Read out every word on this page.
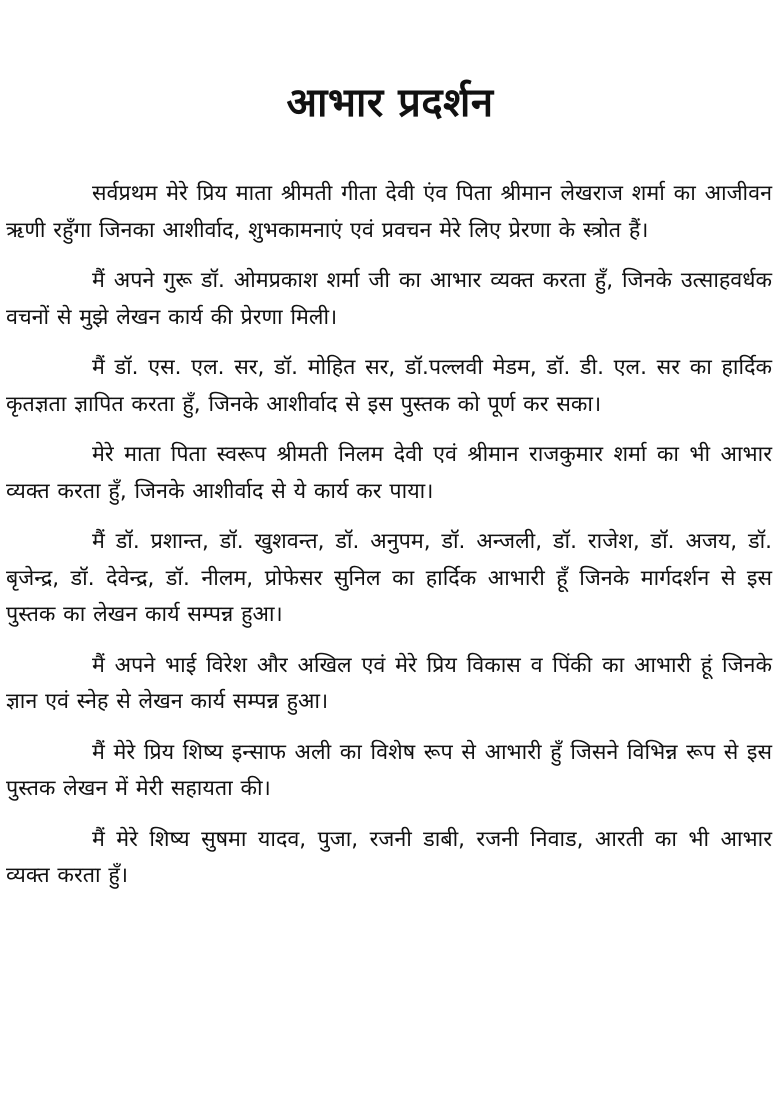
आभार प्रदर्शन

सर्वप्रथम मेरे प्रिय माता श्रीमती गीता देवी एंव पिता श्रीमान लेखराज शर्मा का आजीवन ऋणी रहुँगा जिनका आशीर्वाद, शुभकामनाएं एवं प्रवचन मेरे लिए प्रेरणा के स्त्रोत हैं।

मैं अपने गुरू डॉ. ओमप्रकाश शर्मा जी का आभार व्यक्त करता हुँ, जिनके उत्साहवर्धक वचनों से मुझे लेखन कार्य की प्रेरणा मिली।

मैं डॉ. एस. एल. सर, डॉ. मोहित सर, डॉ.पल्लवी मेडम, डॉ. डी. एल. सर का हार्दिक कृतज्ञता ज्ञापित करता हुँ, जिनके आशीर्वाद से इस पुस्तक को पूर्ण कर सका।

मेरे माता पिता स्वरूप श्रीमती निलम देवी एवं श्रीमान राजकुमार शर्मा का भी आभार व्यक्त करता हुँ, जिनके आशीर्वाद से ये कार्य कर पाया।

मैं डॉ. प्रशान्त, डॉ. खुशवन्त, डॉ. अनुपम, डॉ. अन्जली, डॉ. राजेश, डॉ. अजय, डॉ. बृजेन्द्र, डॉ. देवेन्द्र, डॉ. नीलम, प्रोफेसर सुनिल का हार्दिक आभारी हूँ जिनके मार्गदर्शन से इस पुस्तक का लेखन कार्य सम्पन्न हुआ।

मैं अपने भाई विरेश और अखिल एवं मेरे प्रिय विकास व पिंकी का आभारी हूं जिनके ज्ञान एवं स्नेह से लेखन कार्य सम्पन्न हुआ।

मैं मेरे प्रिय शिष्य इन्साफ अली का विशेष रूप से आभारी हुँ जिसने विभिन्न रूप से इस पुस्तक लेखन में मेरी सहायता की।

मैं मेरे शिष्य सुषमा यादव, पुजा, रजनी डाबी, रजनी निवाड, आरती का भी आभार व्यक्त करता हुँ।
